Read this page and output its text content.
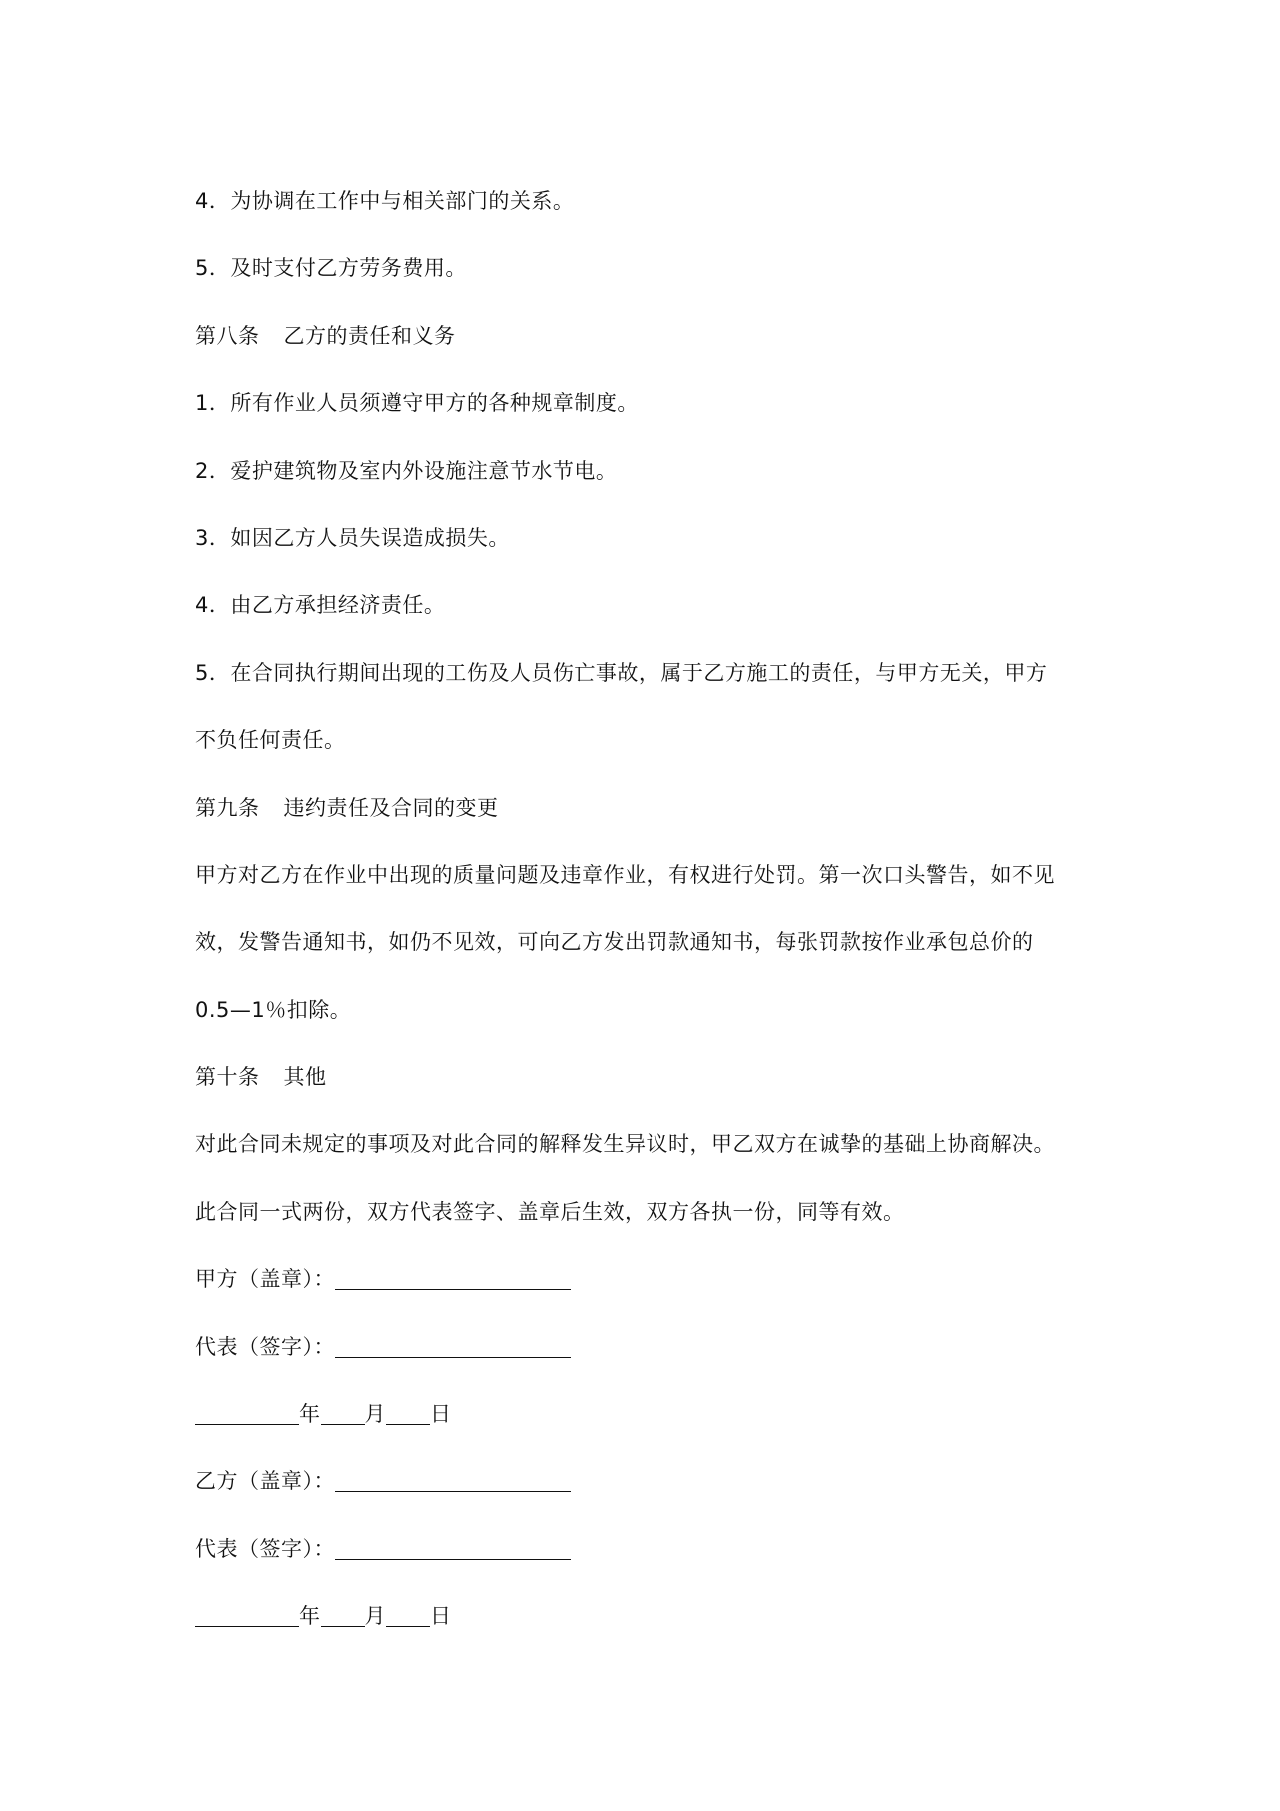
4．为协调在工作中与相关部门的关系。
5．及时支付乙方劳务费用。
第八条 乙方的责任和义务
1．所有作业人员须遵守甲方的各种规章制度。
2．爱护建筑物及室内外设施注意节水节电。
3．如因乙方人员失误造成损失。
4．由乙方承担经济责任。
5．在合同执行期间出现的工伤及人员伤亡事故，属于乙方施工的责任，与甲方无关，甲方
不负任何责任。
第九条 违约责任及合同的变更
甲方对乙方在作业中出现的质量问题及违章作业，有权进行处罚。第一次口头警告，如不见
效，发警告通知书，如仍不见效，可向乙方发出罚款通知书，每张罚款按作业承包总价的
0.5—1％扣除。
第十条 其他
对此合同未规定的事项及对此合同的解释发生异议时，甲乙双方在诚挚的基础上协商解决。
此合同一式两份，双方代表签字、盖章后生效，双方各执一份，同等有效。
甲方（盖章）：
代表（签字）：
年 月 日
乙方（盖章）：
代表（签字）：
年 月 日
